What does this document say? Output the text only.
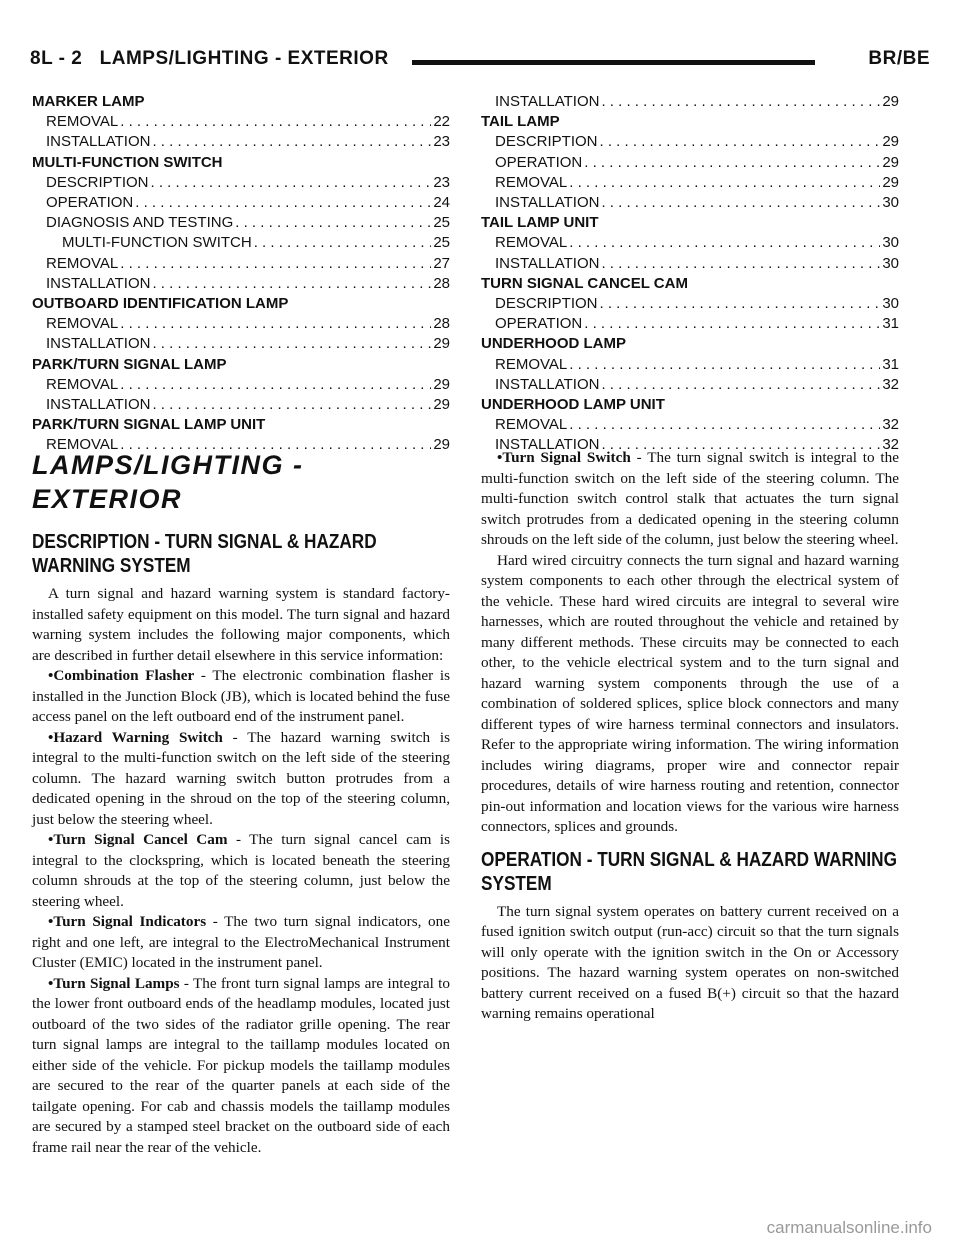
8L - 2 LAMPS/LIGHTING - EXTERIOR	BR/BE
MARKER LAMP
REMOVAL . . .	22
INSTALLATION . . .	23
MULTI-FUNCTION SWITCH
DESCRIPTION . . .	23
OPERATION . . .	24
DIAGNOSIS AND TESTING . . .	25
MULTI-FUNCTION SWITCH . . .	25
REMOVAL . . .	27
INSTALLATION . . .	28
OUTBOARD IDENTIFICATION LAMP
REMOVAL . . .	28
INSTALLATION . . .	29
PARK/TURN SIGNAL LAMP
REMOVAL . . .	29
INSTALLATION . . .	29
PARK/TURN SIGNAL LAMP UNIT
REMOVAL . . .	29
INSTALLATION . . .	29
TAIL LAMP
DESCRIPTION . . .	29
OPERATION . . .	29
REMOVAL . . .	29
INSTALLATION . . .	30
TAIL LAMP UNIT
REMOVAL . . .	30
INSTALLATION . . .	30
TURN SIGNAL CANCEL CAM
DESCRIPTION . . .	30
OPERATION . . .	31
UNDERHOOD LAMP
REMOVAL . . .	31
INSTALLATION . . .	32
UNDERHOOD LAMP UNIT
REMOVAL . . .	32
INSTALLATION . . .	32
LAMPS/LIGHTING - EXTERIOR
DESCRIPTION - TURN SIGNAL & HAZARD WARNING SYSTEM

A turn signal and hazard warning system is standard factory-installed safety equipment on this model. The turn signal and hazard warning system includes the following major components, which are described in further detail elsewhere in this service information:

•Combination Flasher - The electronic combination flasher is installed in the Junction Block (JB), which is located behind the fuse access panel on the left outboard end of the instrument panel.

•Hazard Warning Switch - The hazard warning switch is integral to the multi-function switch on the left side of the steering column. The hazard warning switch button protrudes from a dedicated opening in the shroud on the top of the steering column, just below the steering wheel.

•Turn Signal Cancel Cam - The turn signal cancel cam is integral to the clockspring, which is located beneath the steering column shrouds at the top of the steering column, just below the steering wheel.

•Turn Signal Indicators - The two turn signal indicators, one right and one left, are integral to the ElectroMechanical Instrument Cluster (EMIC) located in the instrument panel.

•Turn Signal Lamps - The front turn signal lamps are integral to the lower front outboard ends of the headlamp modules, located just outboard of the two sides of the radiator grille opening. The rear turn signal lamps are integral to the taillamp modules located on either side of the vehicle. For pickup models the taillamp modules are secured to the rear of the quarter panels at each side of the tailgate opening. For cab and chassis models the taillamp modules are secured by a stamped steel bracket on the outboard side of each frame rail near the rear of the vehicle.

•Turn Signal Switch - The turn signal switch is integral to the multi-function switch on the left side of the steering column. The multi-function switch control stalk that actuates the turn signal switch protrudes from a dedicated opening in the steering column shrouds on the left side of the column, just below the steering wheel.

Hard wired circuitry connects the turn signal and hazard warning system components to each other through the electrical system of the vehicle. These hard wired circuits are integral to several wire harnesses, which are routed throughout the vehicle and retained by many different methods. These circuits may be connected to each other, to the vehicle electrical system and to the turn signal and hazard warning system components through the use of a combination of soldered splices, splice block connectors and many different types of wire harness terminal connectors and insulators. Refer to the appropriate wiring information. The wiring information includes wiring diagrams, proper wire and connector repair procedures, details of wire harness routing and retention, connector pin-out information and location views for the various wire harness connectors, splices and grounds.

OPERATION - TURN SIGNAL & HAZARD WARNING SYSTEM

The turn signal system operates on battery current received on a fused ignition switch output (run-acc) circuit so that the turn signals will only operate with the ignition switch in the On or Accessory positions. The hazard warning system operates on non-switched battery current received on a fused B(+) circuit so that the hazard warning remains operational

carmanualsonline.info
